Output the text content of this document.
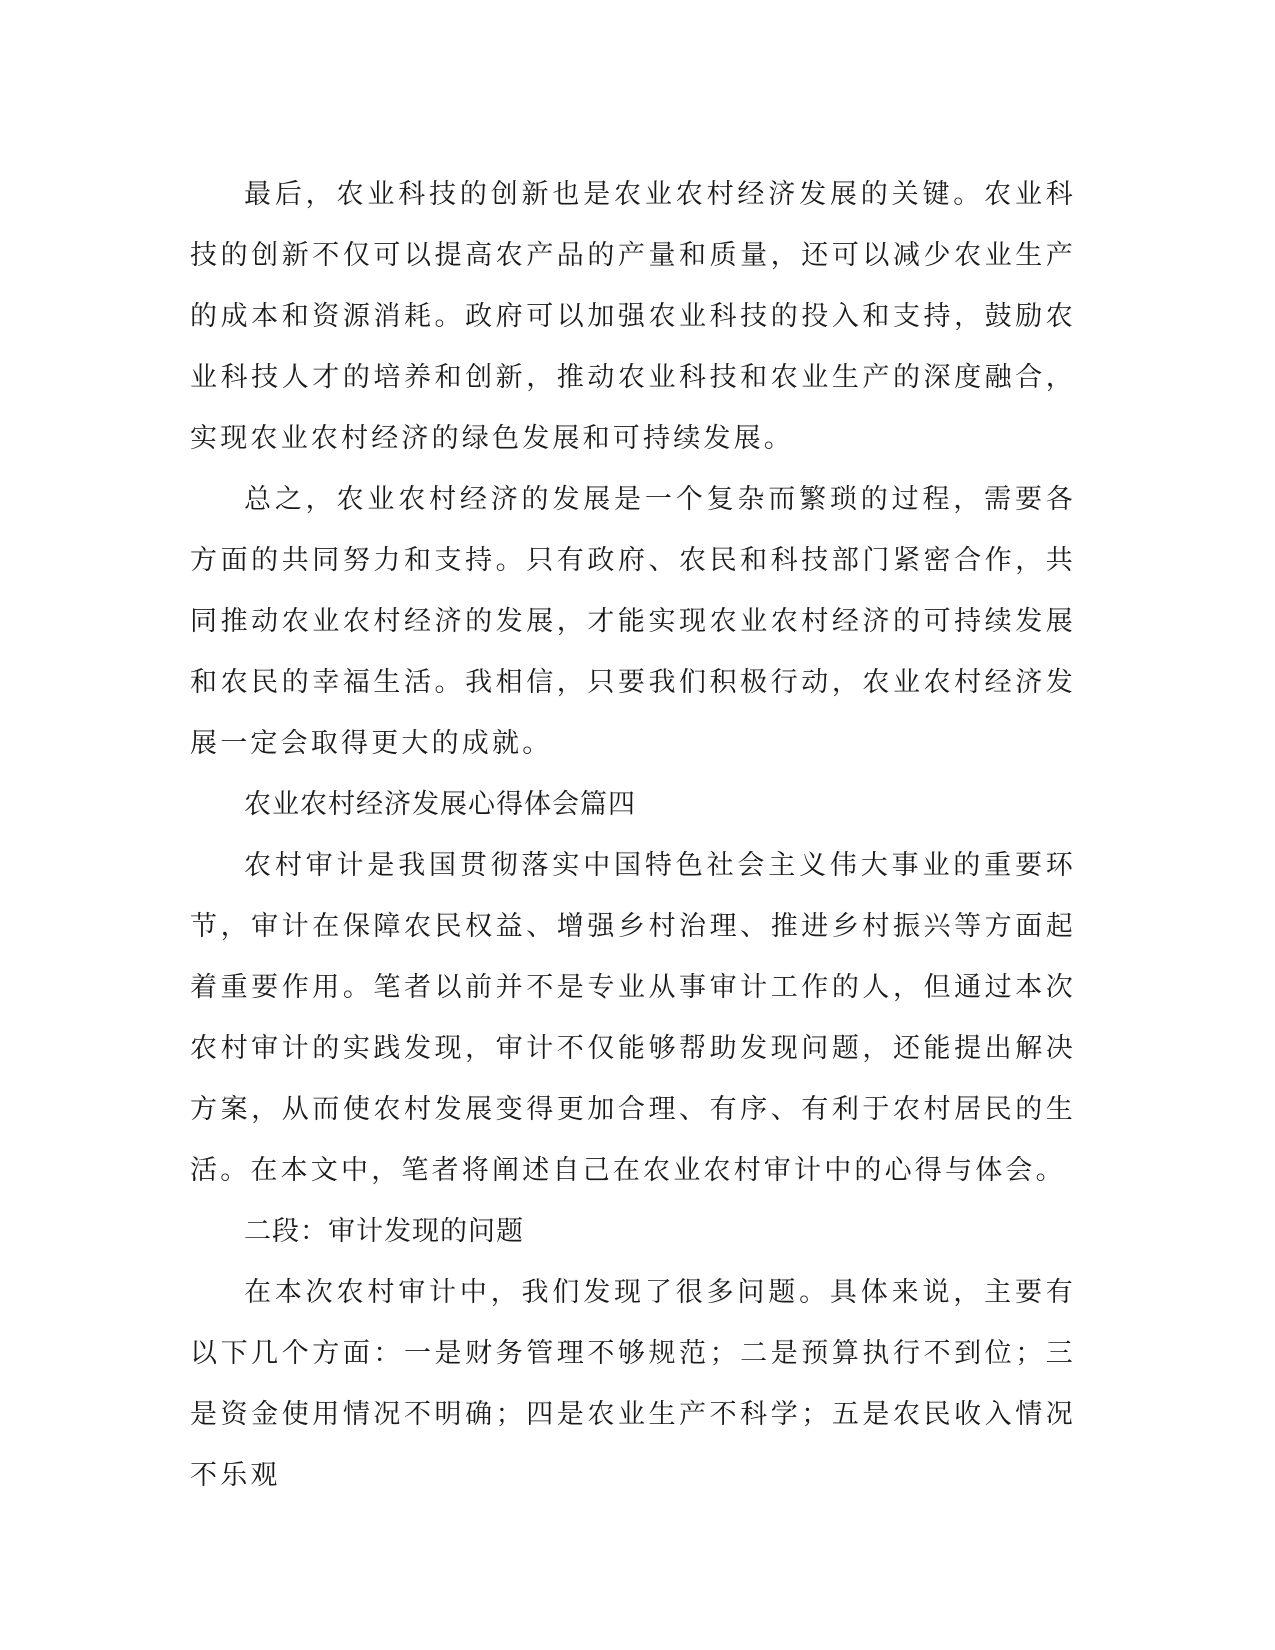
最后，农业科技的创新也是农业农村经济发展的关键。农业科技的创新不仅可以提高农产品的产量和质量，还可以减少农业生产的成本和资源消耗。政府可以加强农业科技的投入和支持，鼓励农业科技人才的培养和创新，推动农业科技和农业生产的深度融合，实现农业农村经济的绿色发展和可持续发展。

总之，农业农村经济的发展是一个复杂而繁琐的过程，需要各方面的共同努力和支持。只有政府、农民和科技部门紧密合作，共同推动农业农村经济的发展，才能实现农业农村经济的可持续发展和农民的幸福生活。我相信，只要我们积极行动，农业农村经济发展一定会取得更大的成就。

农业农村经济发展心得体会篇四

农村审计是我国贯彻落实中国特色社会主义伟大事业的重要环节，审计在保障农民权益、增强乡村治理、推进乡村振兴等方面起着重要作用。笔者以前并不是专业从事审计工作的人，但通过本次农村审计的实践发现，审计不仅能够帮助发现问题，还能提出解决方案，从而使农村发展变得更加合理、有序、有利于农村居民的生活。在本文中，笔者将阐述自己在农业农村审计中的心得与体会。

二段：审计发现的问题

在本次农村审计中，我们发现了很多问题。具体来说，主要有以下几个方面：一是财务管理不够规范；二是预算执行不到位；三是资金使用情况不明确；四是农业生产不科学；五是农民收入情况不乐观
